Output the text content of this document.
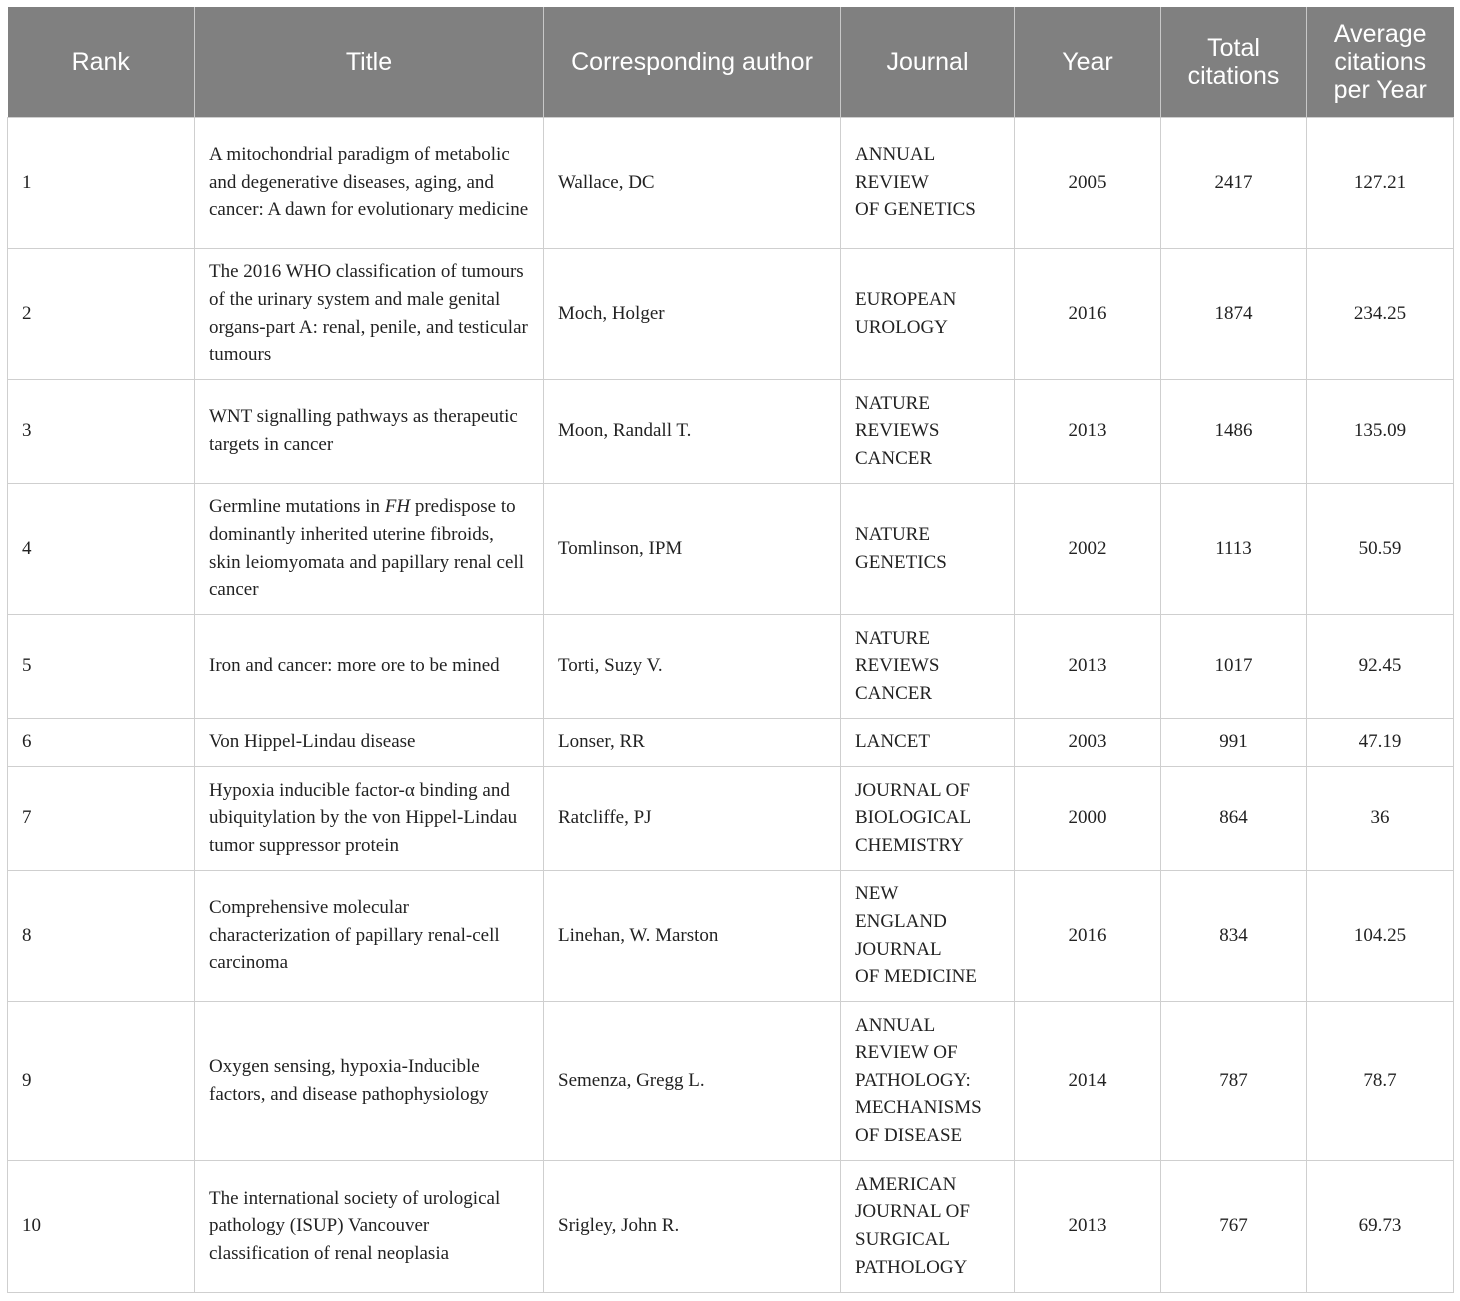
Rank	Title	Corresponding author	Journal	Year	Total citations	Average citations per Year
1	A mitochondrial paradigm of metabolic and degenerative diseases, aging, and cancer: A dawn for evolutionary medicine	Wallace, DC	ANNUAL REVIEW
OF GENETICS	2005	2417	127.21
2	The 2016 WHO classification of tumours of the urinary system and male genital organs-part A: renal, penile, and testicular tumours	Moch, Holger	EUROPEAN
UROLOGY	2016	1874	234.25
3	WNT signalling pathways as therapeutic targets in cancer	Moon, Randall T.	NATURE
REVIEWS
CANCER	2013	1486	135.09
4	Germline mutations in FH predispose to dominantly inherited uterine fibroids, skin leiomyomata and papillary renal cell cancer	Tomlinson, IPM	NATURE
GENETICS	2002	1113	50.59
5	Iron and cancer: more ore to be mined	Torti, Suzy V.	NATURE
REVIEWS
CANCER	2013	1017	92.45
6	Von Hippel-Lindau disease	Lonser, RR	LANCET	2003	991	47.19
7	Hypoxia inducible factor-α binding and ubiquitylation by the von Hippel-Lindau tumor suppressor protein	Ratcliffe, PJ	JOURNAL OF
BIOLOGICAL
CHEMISTRY	2000	864	36
8	Comprehensive molecular characterization of papillary renal-cell carcinoma	Linehan, W. Marston	NEW
ENGLAND
JOURNAL
OF MEDICINE	2016	834	104.25
9	Oxygen sensing, hypoxia-Inducible factors, and disease pathophysiology	Semenza, Gregg L.	ANNUAL
REVIEW OF
PATHOLOGY:
MECHANISMS
OF DISEASE	2014	787	78.7
10	The international society of urological pathology (ISUP) Vancouver classification of renal neoplasia	Srigley, John R.	AMERICAN
JOURNAL OF
SURGICAL
PATHOLOGY	2013	767	69.73
